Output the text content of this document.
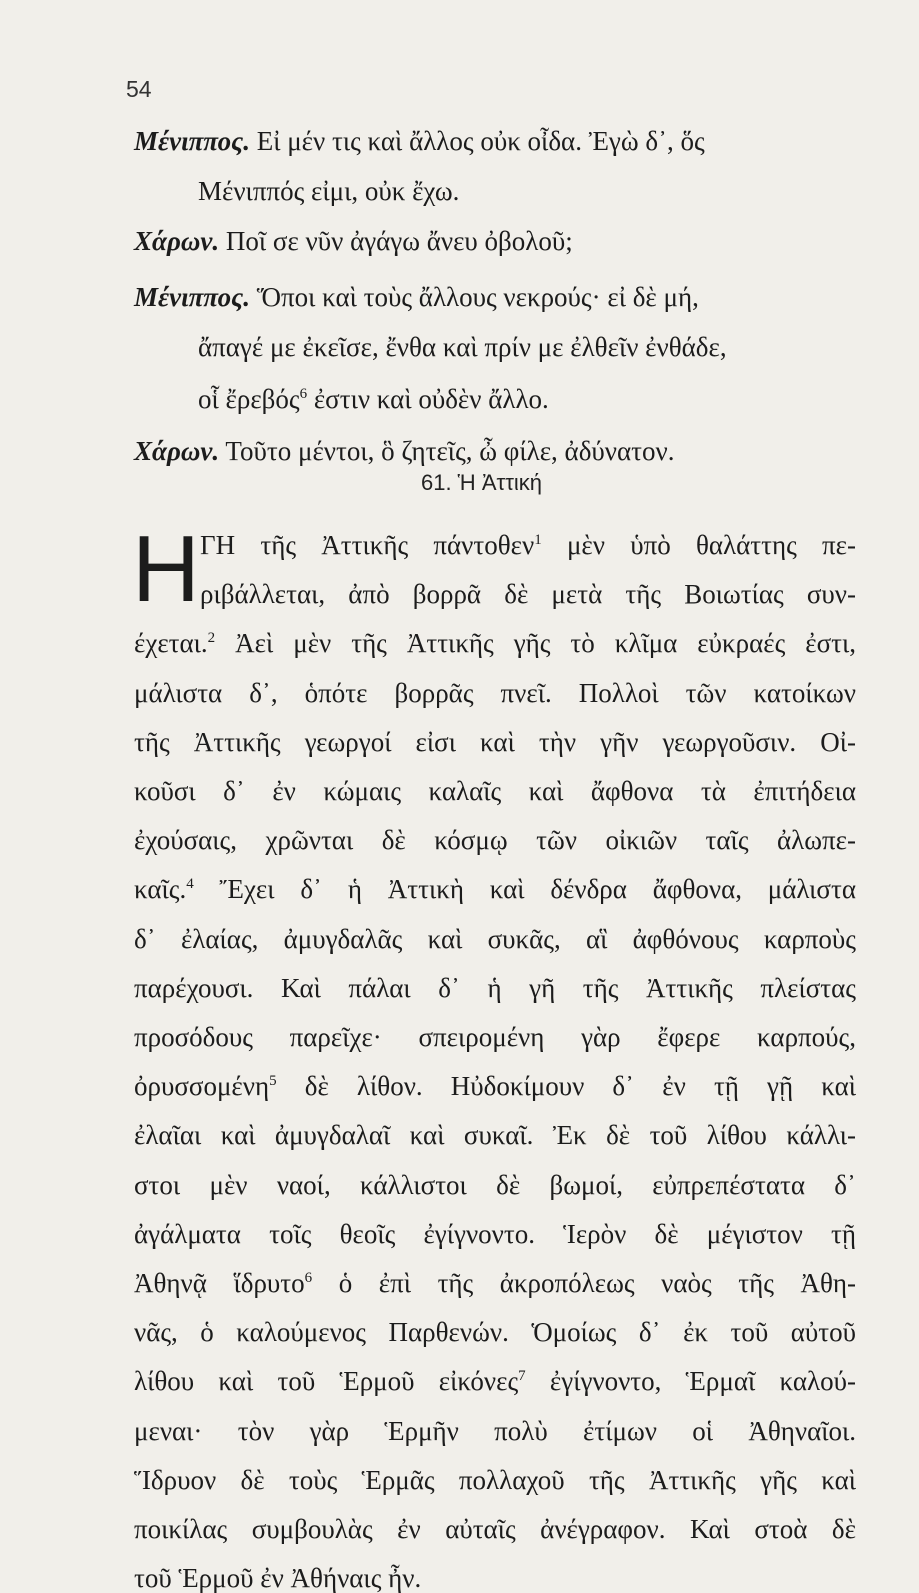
54
Μένιππος. Εἰ μέν τις καὶ ἄλλος οὐκ οἶδα. Ἐγὼ δ᾽, ὅς
Μένιππός εἰμι, οὐκ ἔχω.
Χάρων. Ποῖ σε νῦν ἀγάγω ἄνευ ὀβολοῦ;
Μένιππος. Ὅποι καὶ τοὺς ἄλλους νεκρούς· εἰ δὲ μή,
ἄπαγέ με ἐκεῖσε, ἔνθα καὶ πρίν με ἐλθεῖν ἐνθάδε,
οἷ ἔρεβός$^6$ ἐστιν καὶ οὐδὲν ἄλλο.
Χάρων. Τοῦτο μέντοι, ὃ ζητεῖς, ὦ φίλε, ἀδύνατον.
61. Ἡ Ἀττική
Η ΓΗ τῆς Ἀττικῆς πάντοθεν$^1$ μὲν ὑπὸ θαλάττης πε-
ριβάλλεται, ἀπὸ βορρᾶ δὲ μετὰ τῆς Βοιωτίας συν-
έχεται.$^2$ Ἀεὶ μὲν τῆς Ἀττικῆς γῆς τὸ κλῖμα εὐκραές ἐστι,
μάλιστα δ᾽, ὁπότε βορρᾶς πνεῖ. Πολλοὶ τῶν κατοίκων
τῆς Ἀττικῆς γεωργοί εἰσι καὶ τὴν γῆν γεωργοῦσιν. Οἰ-
κοῦσι δ᾽ ἐν κώμαις καλαῖς καὶ ἄφθονα τὰ ἐπιτήδεια
ἐχούσαις, χρῶνται δὲ κόσμῳ τῶν οἰκιῶν ταῖς ἀλωπε-
καῖς.$^4$ Ἔχει δ᾽ ἡ Ἀττικὴ καὶ δένδρα ἄφθονα, μάλιστα
δ᾽ ἐλαίας, ἀμυγδαλᾶς καὶ συκᾶς, αἳ ἀφθόνους καρποὺς
παρέχουσι. Καὶ πάλαι δ᾽ ἡ γῆ τῆς Ἀττικῆς πλείστας
προσόδους παρεῖχε· σπειρομένη γὰρ ἔφερε καρπούς,
ὀρυσσομένη$^5$ δὲ λίθον. Ηὐδοκίμουν δ᾽ ἐν τῇ γῇ καὶ
ἐλαῖαι καὶ ἀμυγδαλαῖ καὶ συκαῖ. Ἐκ δὲ τοῦ λίθου κάλλι-
στοι μὲν ναοί, κάλλιστοι δὲ βωμοί, εὐπρεπέστατα δ᾽
ἀγάλματα τοῖς θεοῖς ἐγίγνοντο. Ἱερὸν δὲ μέγιστον τῇ
Ἀθηνᾷ ἵδρυτο$^6$ ὁ ἐπὶ τῆς ἀκροπόλεως ναὸς τῆς Ἀθη-
νᾶς, ὁ καλούμενος Παρθενών. Ὁμοίως δ᾽ ἐκ τοῦ αὐτοῦ
λίθου καὶ τοῦ Ἑρμοῦ εἰκόνες$^7$ ἐγίγνοντο, Ἑρμαῖ καλού-
μεναι· τὸν γὰρ Ἑρμῆν πολὺ ἐτίμων οἱ Ἀθηναῖοι.
Ἵδρυον δὲ τοὺς Ἑρμᾶς πολλαχοῦ τῆς Ἀττικῆς γῆς καὶ
ποικίλας συμβουλὰς ἐν αὐταῖς ἀνέγραφον. Καὶ στοὰ δὲ
τοῦ Ἑρμοῦ ἐν Ἀθήναις ἦν.
